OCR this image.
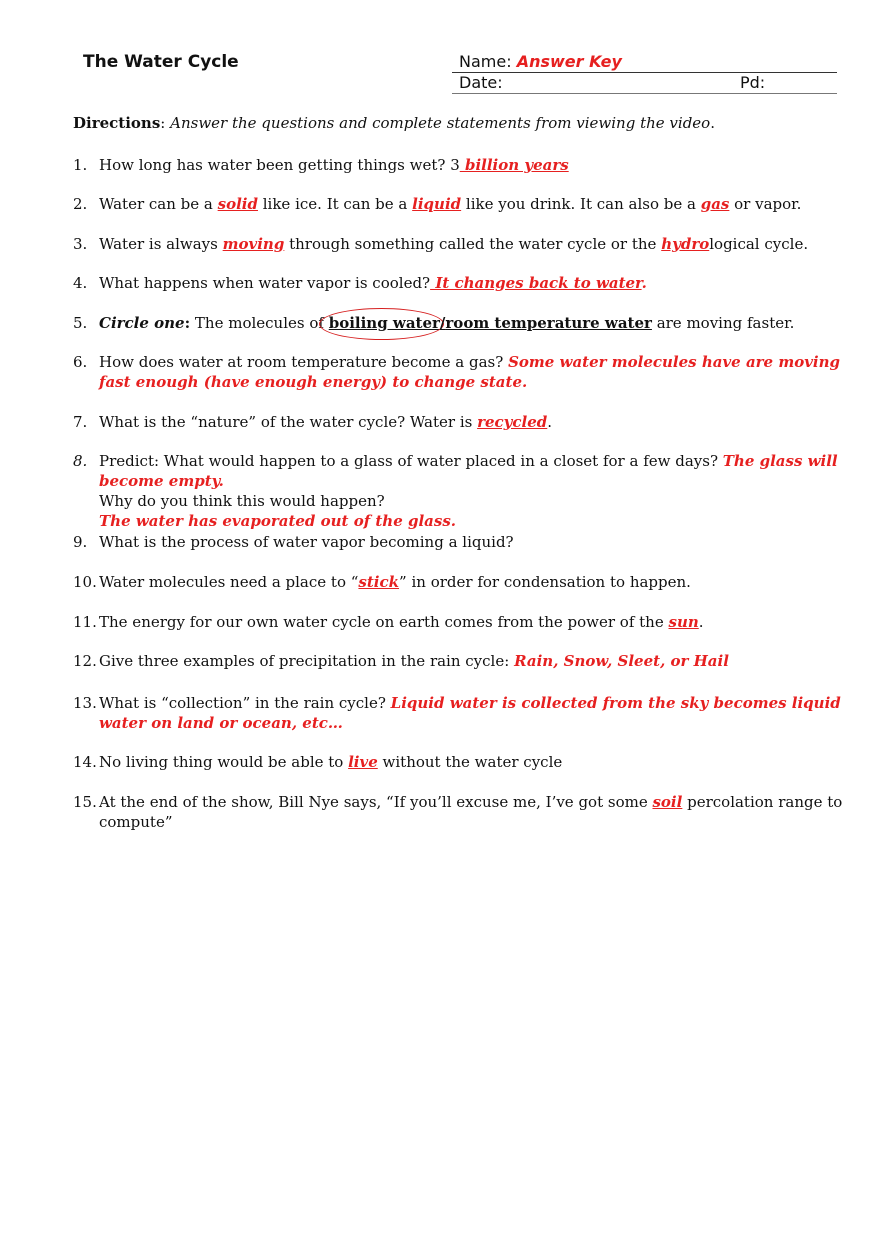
The Water Cycle	Name: Answer Key
Date:	Pd:
Directions: Answer the questions and complete statements from viewing the video.
1. How long has water been getting things wet? 3 billion years
2. Water can be a solid like ice. It can be a liquid like you drink. It can also be a gas or vapor.
3. Water is always moving through something called the water cycle or the hydrological cycle.
4. What happens when water vapor is cooled? It changes back to water.
5. Circle one: The molecules of
boiling water/room temperature water are moving faster.
6. How does water at room temperature become a gas? Some water molecules have are moving fast enough (have enough energy) to change state.
7. What is the “nature” of the water cycle? Water is recycled.
8. Predict: What would happen to a glass of water placed in a closet for a few days? The glass will become empty.
Why do you think this would happen?
The water has evaporated out of the glass.
9. What is the process of water vapor becoming a liquid?
10. Water molecules need a place to “stick” in order for condensation to happen.
11. The energy for our own water cycle on earth comes from the power of the sun.
12. Give three examples of precipitation in the rain cycle: Rain, Snow, Sleet, or Hail
13. What is “collection” in the rain cycle? Liquid water is collected from the sky becomes liquid water on land or ocean, etc…
14. No living thing would be able to live without the water cycle
15. At the end of the show, Bill Nye says, “If you’ll excuse me, I’ve got some soil percolation range to compute”
